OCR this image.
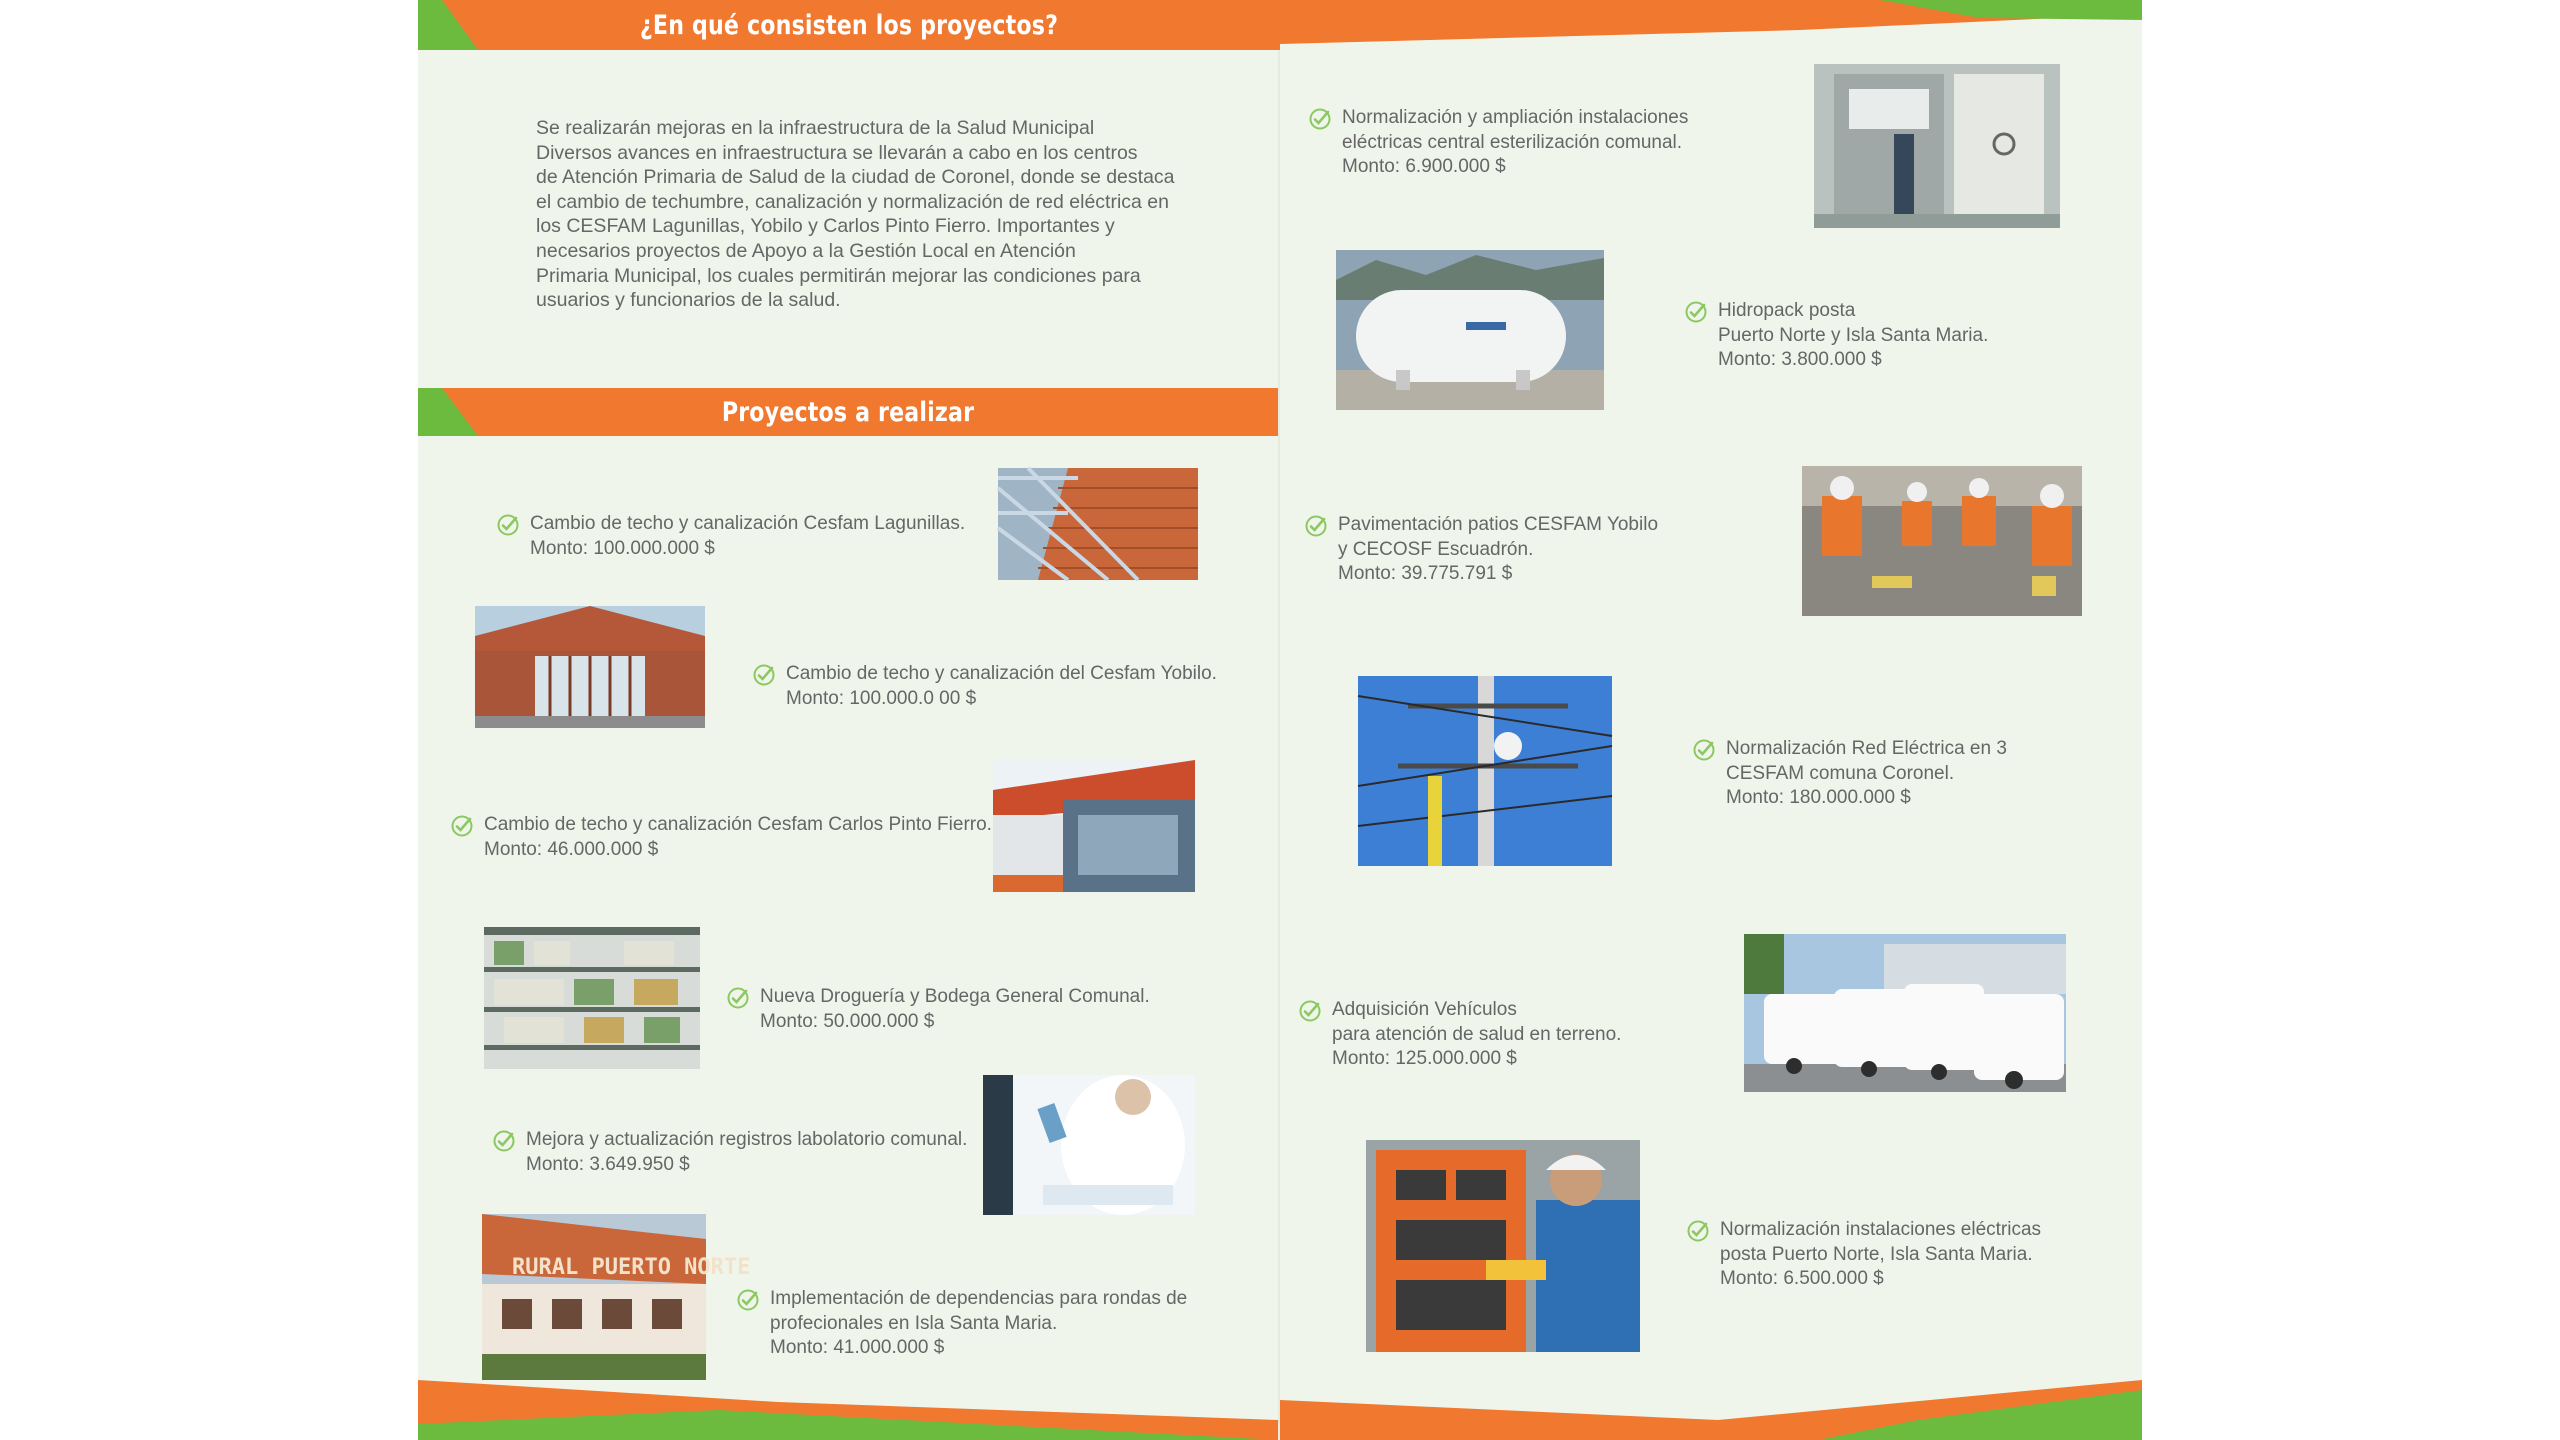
¿En qué consisten los proyectos?
Se realizarán mejoras en la infraestructura de la Salud Municipal
Diversos avances en infraestructura se llevarán a cabo en los centros
de Atención Primaria de Salud de la ciudad de Coronel, donde se destaca
el cambio de techumbre, canalización y normalización de red eléctrica en
los CESFAM Lagunillas, Yobilo y Carlos Pinto Fierro. Importantes y
necesarios proyectos de Apoyo a la Gestión Local en Atención
Primaria Municipal, los cuales permitirán mejorar las condiciones para
usuarios y funcionarios de la salud.
Proyectos a realizar
Cambio de techo y canalización Cesfam Lagunillas.
Monto: 100.000.000 $
Cambio de techo y canalización del Cesfam Yobilo.
Monto: 100.000.0 00 $
Cambio de techo y canalización Cesfam Carlos Pinto Fierro.
Monto: 46.000.000 $
Nueva Droguería y Bodega General Comunal.
Monto: 50.000.000 $
Mejora y actualización registros labolatorio comunal.
Monto: 3.649.950 $
Implementación de dependencias para rondas de
profecionales en Isla Santa Maria.
Monto: 41.000.000 $
RURAL PUERTO NORTE
Normalización y ampliación instalaciones
eléctricas central esterilización comunal.
Monto: 6.900.000 $
Hidropack posta
Puerto Norte y Isla Santa Maria.
Monto: 3.800.000 $
Pavimentación patios CESFAM Yobilo
y CECOSF Escuadrón.
Monto: 39.775.791 $
Normalización Red Eléctrica en 3
CESFAM comuna Coronel.
Monto: 180.000.000 $
Adquisición Vehículos
para atención de salud en terreno.
Monto: 125.000.000 $
Normalización instalaciones eléctricas
posta Puerto Norte, Isla Santa Maria.
Monto: 6.500.000 $
